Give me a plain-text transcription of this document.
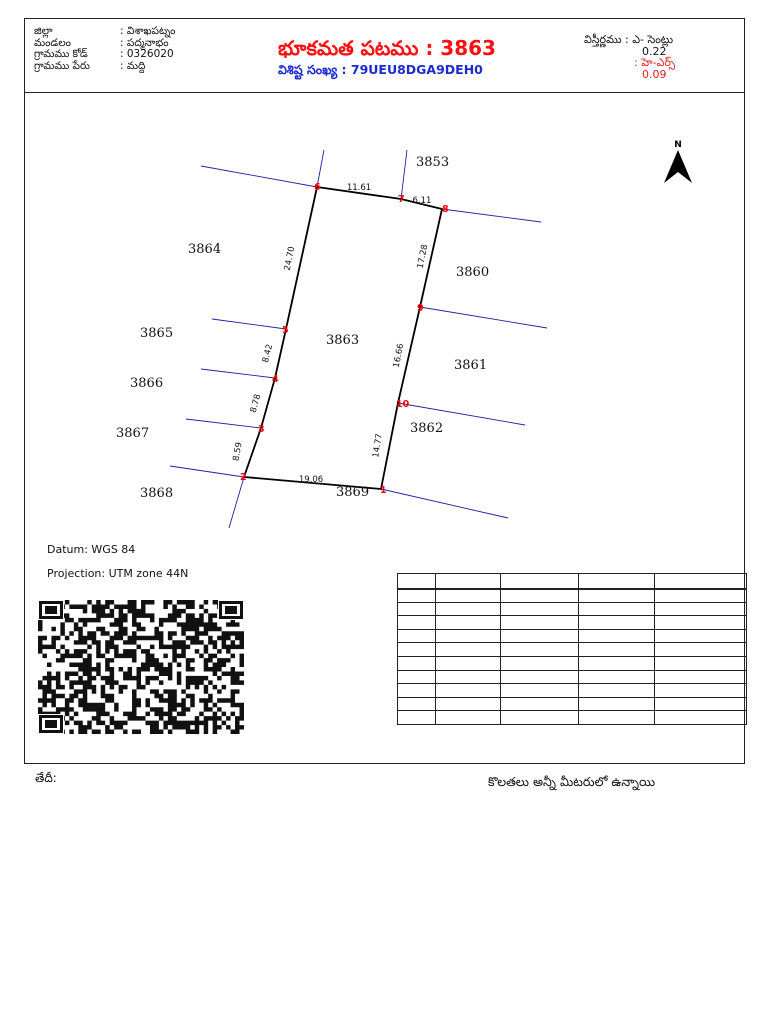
జిల్లా	: విశాఖపట్నం
మండలం	: పద్మనాభం
గ్రామము కోడ్	: 0326020
గ్రామము పేరు	: మద్ది
భూకమత పటము : 3863
విశిష్ట సంఖ్య : 79UEU8DGA9DEH0
విస్తీర్ణము : ఎ- సెంట్లు
0.22
: హె-ఎర్స్
0.09
19.06
8.59
8.78
8.42
24.70
11.61
6.11
17.28
16.66
14.77
1
2
3
4
5
6
7
8
9
10
3853
3864
3860
3865
3861
3866
3862
3867
3868	3869
3863
N
Datum: WGS 84
Projection: UTM zone 44N

తేదీ:	కొలతలు అన్నీ మీటరులో ఉన్నాయి
